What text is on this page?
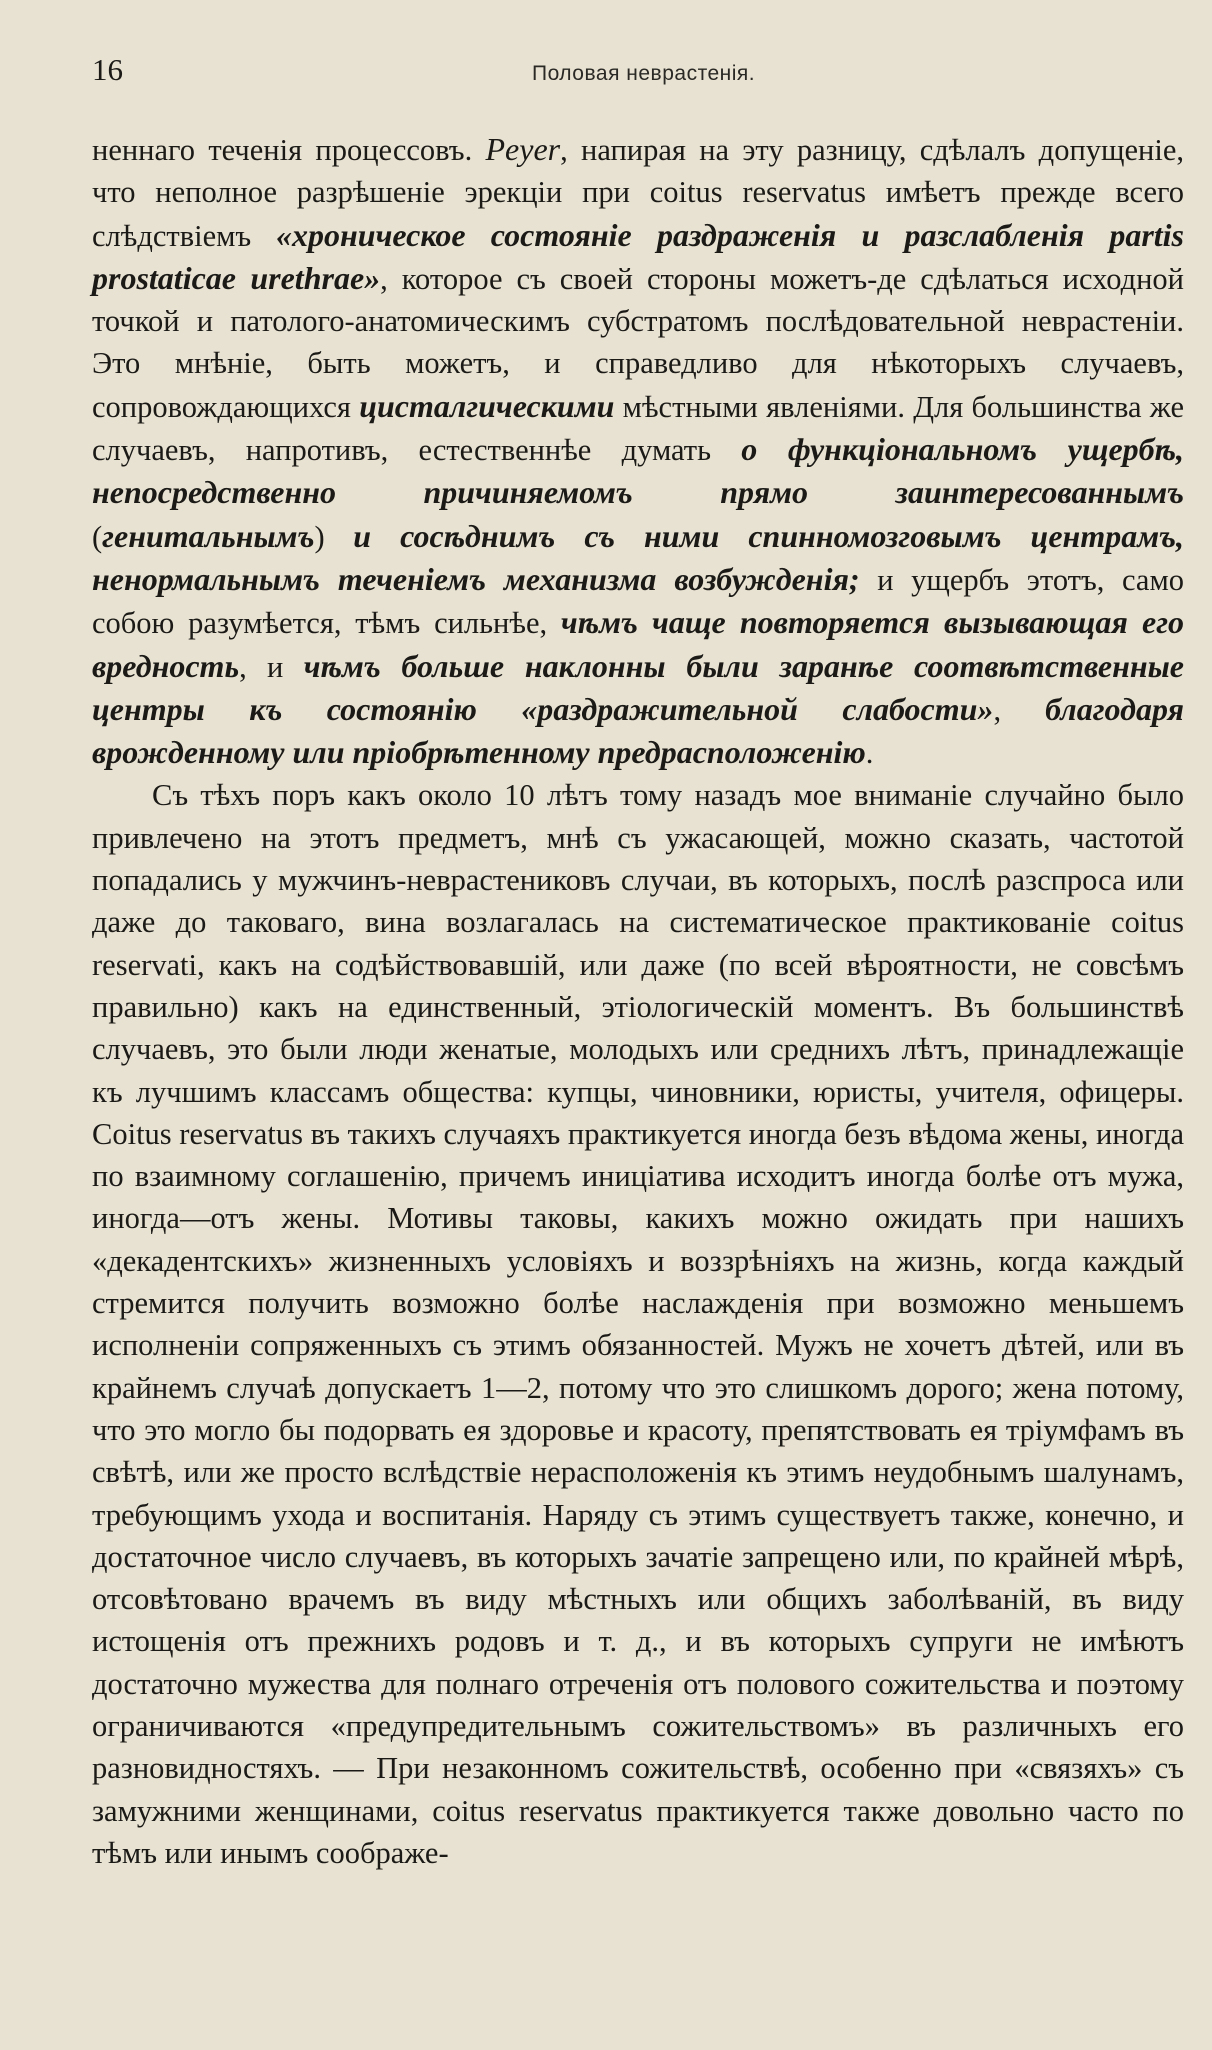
16	Половая неврастенія.

неннаго теченія процессовъ. Peyer, напирая на эту разницу, сдѣлалъ допущеніе, что неполное разрѣшеніе эрекціи при coitus reservatus имѣетъ прежде всего слѣдствіемъ «хроническое состояніе раздраженія и разслабленія partis prostaticae urethrae», которое съ своей стороны можетъ-де сдѣлаться исходной точкой и патолого-анатомическимъ субстратомъ послѣдовательной неврастеніи. Это мнѣніе, быть можетъ, и справедливо для нѣкоторыхъ случаевъ, сопровождающихся цисталгическими мѣстными явленіями. Для большинства же случаевъ, напротивъ, естественнѣе думать о функціональномъ ущербѣ, непосредственно причиняемомъ прямо заинтересованнымъ (генитальнымъ) и сосѣднимъ съ ними спинномозговымъ центрамъ, ненормальнымъ теченіемъ механизма возбужденія; и ущербъ этотъ, само собою разумѣется, тѣмъ сильнѣе, чѣмъ чаще повторяется вызывающая его вредность, и чѣмъ больше наклонны были заранѣе соотвѣтственные центры къ состоянію «раздражительной слабости», благодаря врожденному или пріобрѣтенному предрасположенію.

Съ тѣхъ поръ какъ около 10 лѣтъ тому назадъ мое вниманіе случайно было привлечено на этотъ предметъ, мнѣ съ ужасающей, можно сказать, частотой попадались у мужчинъ-неврастениковъ случаи, въ которыхъ, послѣ разспроса или даже до таковаго, вина возлагалась на систематическое практикованіе coitus reservati, какъ на содѣйствовавшій, или даже (по всей вѣроятности, не совсѣмъ правильно) какъ на единственный, этіологическій моментъ. Въ большинствѣ случаевъ, это были люди женатые, молодыхъ или среднихъ лѣтъ, принадлежащіе къ лучшимъ классамъ общества: купцы, чиновники, юристы, учителя, офицеры. Coitus reservatus въ такихъ случаяхъ практикуется иногда безъ вѣдома жены, иногда по взаимному соглашенію, причемъ иниціатива исходитъ иногда болѣе отъ мужа, иногда—отъ жены. Мотивы таковы, какихъ можно ожидать при нашихъ «декадентскихъ» жизненныхъ условіяхъ и воззрѣніяхъ на жизнь, когда каждый стремится получить возможно болѣе наслажденія при возможно меньшемъ исполненіи сопряженныхъ съ этимъ обязанностей. Мужъ не хочетъ дѣтей, или въ крайнемъ случаѣ допускаетъ 1—2, потому что это слишкомъ дорого; жена потому, что это могло бы подорвать ея здоровье и красоту, препятствовать ея тріумфамъ въ свѣтѣ, или же просто вслѣдствіе нерасположенія къ этимъ неудобнымъ шалунамъ, требующимъ ухода и воспитанія. Наряду съ этимъ существуетъ также, конечно, и достаточное число случаевъ, въ которыхъ зачатіе запрещено или, по крайней мѣрѣ, отсовѣтовано врачемъ въ виду мѣстныхъ или общихъ заболѣваній, въ виду истощенія отъ прежнихъ родовъ и т. д., и въ которыхъ супруги не имѣютъ достаточно мужества для полнаго отреченія отъ полового сожительства и поэтому ограничиваются «предупредительнымъ сожительствомъ» въ различныхъ его разновидностяхъ. — При незаконномъ сожительствѣ, особенно при «связяхъ» съ замужними женщинами, coitus reservatus практикуется также довольно часто по тѣмъ или инымъ соображе-
